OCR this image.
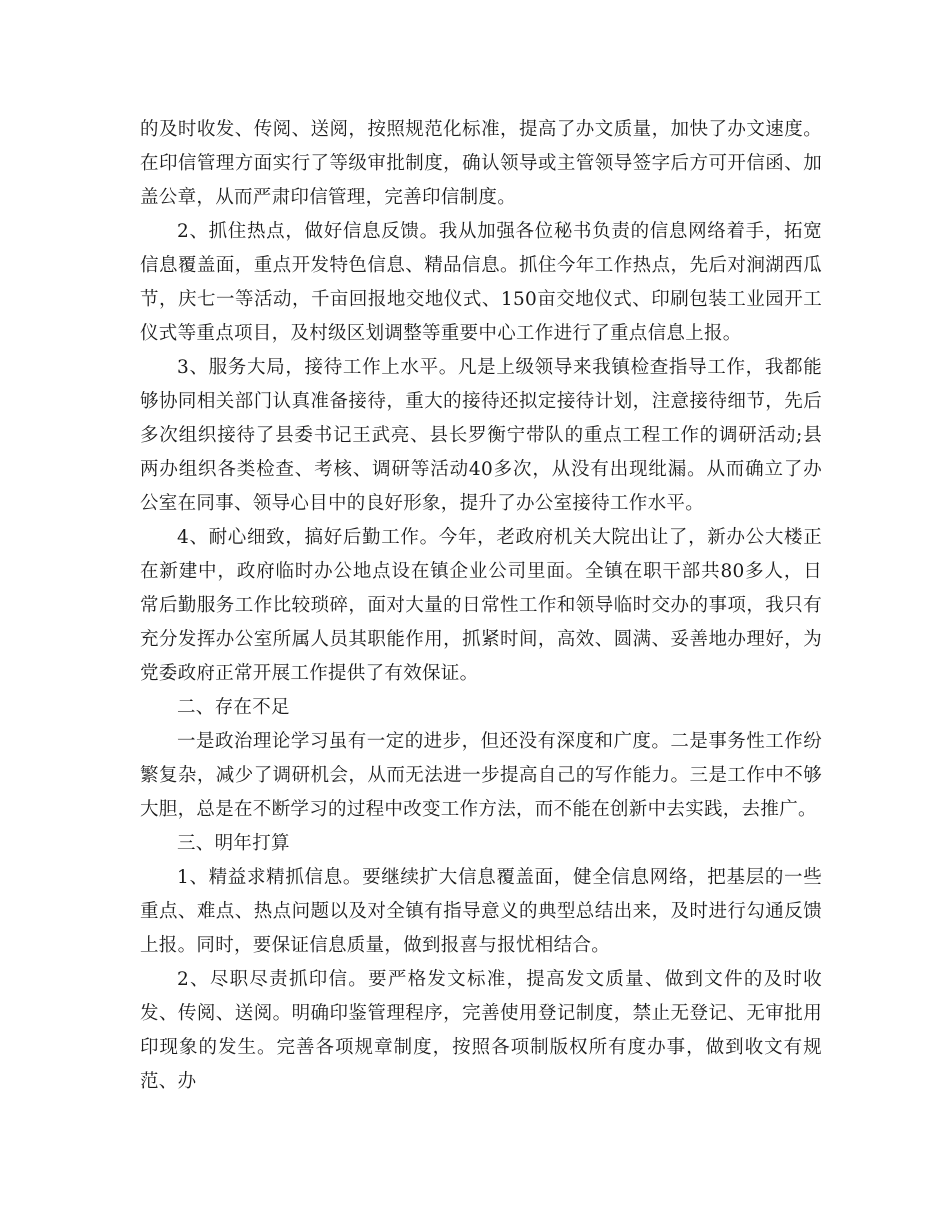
的及时收发、传阅、送阅，按照规范化标准，提高了办文质量，加快了办文速度。在印信管理方面实行了等级审批制度，确认领导或主管领导签字后方可开信函、加盖公章，从而严肃印信管理，完善印信制度。

2、抓住热点，做好信息反馈。我从加强各位秘书负责的信息网络着手，拓宽信息覆盖面，重点开发特色信息、精品信息。抓住今年工作热点，先后对涧湖西瓜节，庆七一等活动，千亩回报地交地仪式、150亩交地仪式、印刷包装工业园开工仪式等重点项目，及村级区划调整等重要中心工作进行了重点信息上报。

3、服务大局，接待工作上水平。凡是上级领导来我镇检查指导工作，我都能够协同相关部门认真准备接待，重大的接待还拟定接待计划，注意接待细节，先后多次组织接待了县委书记王武亮、县长罗衡宁带队的重点工程工作的调研活动;县两办组织各类检查、考核、调研等活动40多次，从没有出现纰漏。从而确立了办公室在同事、领导心目中的良好形象，提升了办公室接待工作水平。

4、耐心细致，搞好后勤工作。今年，老政府机关大院出让了，新办公大楼正在新建中，政府临时办公地点设在镇企业公司里面。全镇在职干部共80多人，日常后勤服务工作比较琐碎，面对大量的日常性工作和领导临时交办的事项，我只有充分发挥办公室所属人员其职能作用，抓紧时间，高效、圆满、妥善地办理好，为党委政府正常开展工作提供了有效保证。

二、存在不足

一是政治理论学习虽有一定的进步，但还没有深度和广度。二是事务性工作纷繁复杂，减少了调研机会，从而无法进一步提高自己的写作能力。三是工作中不够大胆，总是在不断学习的过程中改变工作方法，而不能在创新中去实践，去推广。

三、明年打算

1、精益求精抓信息。要继续扩大信息覆盖面，健全信息网络，把基层的一些重点、难点、热点问题以及对全镇有指导意义的典型总结出来，及时进行勾通反馈上报。同时，要保证信息质量，做到报喜与报忧相结合。

2、尽职尽责抓印信。要严格发文标准，提高发文质量、做到文件的及时收发、传阅、送阅。明确印鉴管理程序，完善使用登记制度，禁止无登记、无审批用印现象的发生。完善各项规章制度，按照各项制版权所有度办事，做到收文有规范、办
